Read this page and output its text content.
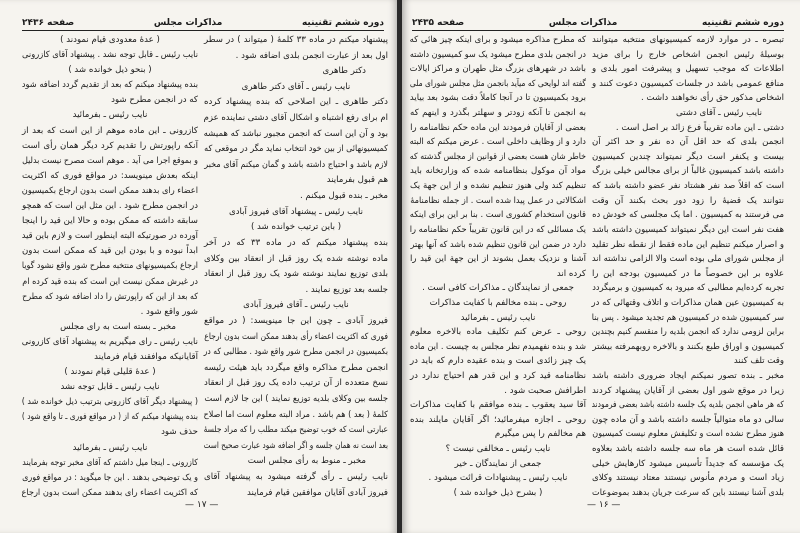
دوره ششم تقنینیه
مذاکرات مجلس
صفحه ۲۴۳۶
پیشنهاد میکنم در ماده ۳۳ کلمهٔ ( میتواند ) در سطر
اول بعد از عبارت انجمن بلدی اضافه شود .
دکتر طاهری
نایب رئیس ـ آقای دکتر طاهری
دکتر طاهری ـ این اصلاحی که بنده پیشنهاد کرده
ام برای رفع اشتباه و اشکال آقای دشتی نماینده عزم
بود و آن این است که انجمن مجبور نباشد که همیشه
کمیسیونهائی از بین خود انتخاب نماید مگر در موقعی که
لازم باشد و احتیاج داشته باشد و گمان میکنم آقای مخبر
هم قبول بفرمایند
مخبر ـ بنده قبول میکنم .
نایب رئیس ـ پیشنهاد آقای فیروز آبادی
( باین ترتیب خوانده شد )
بنده پیشنهاد میکنم که در ماده ۳۳ که در آخر
ماده نوشته شده یک روز قبل از انعقاد بین وکلای
بلدی توزیع نمایند نوشته شود یک روز قبل از انعقاد
جلسه بعد توزیع نمایند .
نایب رئیس ـ آقای فیروز آبادی
فیروز آبادی ـ چون این جا مینویسد: ( در مواقع
فوری که اکثریت اعضاء رأی بدهند ممکن است بدون ارجاع
بکمیسیون در انجمن مطرح شور واقع شود . مطالبی که در
انجمن مطرح مذاکره واقع میگردد باید هیئت رئیسه
نسخ متعدده از آن ترتیب داده یک روز قبل از انعقاد
جلسه بین وکلای بلدیه توزیع نمایند ) این جا لازم است
کلمهٔ ( بعد ) هم باشد . مراد البته معلوم است اما اصلاح
عبارتی است که خوب توضیح میکند مطلب را که مراد جلسهٔ
بعد است نه همان جلسه و اگر اضافه شود عبارت صحیح است
مخبر ـ منوط به رأی مجلس است
نایب رئیس ـ رأی گرفته میشود به پیشنهاد آقای
فیروز آبادی آقایان موافقین قیام فرمایند
( عدهٔ معدودی قیام نمودند )
نایب رئیس ـ قابل توجه نشد . پیشنهاد آقای کازرونی
( بنحو ذیل خوانده شد )
بنده پیشنهاد میکنم که بعد از تقدیم گردد اضافه شود
که در انجمن مطرح شود
نایب رئیس ـ بفرمائید
کازرونی ـ این ماده موهم از این است که بعد از
آنکه راپورتش را تقدیم کرد دیگر همان رأی است
و بموقع اجرا می آید . موهم است مصرح نیست بدلیل
اینکه بعدش مینویسد: در مواقع فوری که اکثریت
اعضاء رای بدهند ممکن است بدون ارجاع بکمیسیون
در انجمن مطرح شود . این مثل این است که همچو
سابقه داشته که ممکن بوده و حالا این قید را اینجا
آورده در صورتیکه البته اینطور است و لازم باین قید
ابداً نبوده و با بودن این قید که ممکن است بدون
ارجاع بکمیسیونهای منتخبه مطرح شور واقع نشود گویا
در غیرش ممکن نیست این است که بنده قید کرده ام
که بعد از این که راپورتش را داد اضافه شود که مطرح
شور واقع شود .
مخبر ـ بسته است به رای مجلس
نایب رئیس ـ رای میگیریم به پیشنهاد آقای کازرونی
آقایانیکه موافقند قیام فرمایند
( عدهٔ قلیلی قیام نمودند )
نایب رئیس ـ قابل توجه نشد
( پیشنهاد دیگر آقای کازرونی بترتیب ذیل خوانده شد )
بنده پیشنهاد میکنم که از ( در مواقع فوری ـ تا واقع شود )
حذف شود
نایب رئیس ـ بفرمائید
کازرونی ـ اینجا میل داشتم که آقای مخبر توجه بفرمایند
و یک توضیحی بدهند . این جا میگوید : در مواقع فوری
که اکثریت اعضاء رای بدهند ممکن است بدون ارجاع
— ۱۷ —
دوره ششم تقنینیه
مذاکرات مجلس
صفحه ۲۴۳۵
تبصره ـ در موارد لازمه کمیسیونهای منتخبه میتوانند
بوسیلهٔ رئیس انجمن اشخاص خارج را برای مزید
اطلاعات که موجب تسهیل و پیشرفت امور بلدی و
منافع عمومی باشد در جلسات کمیسیون دعوت کنند و
اشخاص مذکور حق رأی نخواهند داشت .
نایب رئیس ـ آقای دشتی
دشتی ـ این ماده تقریباً فرع زائد بر اصل است .
انجمن بلدی که حد اقل آن ده نفر و حد اکثر آن
بیست و یکنفر است دیگر نمیتواند چندین کمیسیون
داشته باشد کمیسیون غالباً از برای مجالس خیلی بزرگ
است که اقلاً صد نفر هشتاد نفر عضو داشته باشد که
نتوانند یک قضیهٔ را زود دور بحث بکنند آن وقت
می فرستند به کمیسیون . اما یک مجلسی که خودش ده
هفت نفر است این دیگر نمیتواند کمیسیون داشته باشد
و اصرار میکنم تنظیم این ماده فقط از نقطه نظر تقلید
از مجلس شورای ملی بوده است والا الزامی نداشته اند
علاوه بر این خصوصاً ما در کمیسیون بودجه این را
تجربه کرده‌ایم مطالبی که میرود به کمیسیون و برمیگردد
به کمیسیون عین همان مذاکرات و اتلاف وقتهائی که در
سر کمیسیون شده در کمیسیون هم تجدید میشود . پس بنا
براین لزومی ندارد که انجمن بلدیه را منقسم کنیم بچندین
کمیسیون و اوراق طبع بکنند و بالاخره روبهمرفته بیشتر
وقت تلف کنند
مخبر ـ بنده تصور نمیکنم ایجاد ضروری داشته باشد
زیرا در موقع شور اول بعضی از آقایان پیشنهاد کردند
که هر ماهی انجمن بلدیه یک جلسه داشته باشد بعضی فرمودند
سالی دو ماه متوالیاً جلسه داشته باشد و آن ماده چون
هنوز مطرح نشده است و تکلیفش معلوم نیست کمیسیون
قائل شده است هر ماه سه جلسه داشته باشد بعلاوه
یک مؤسسه که جدیداً تأسیس میشود کارهایش خیلی
زیاد است و مردم مأنوس نیستند معتاد نیستند وکلای
بلدی آشنا نیستند باین که سرعت جریان بدهند بموضوعات
که مطرح مذاکره میشود و برای اینکه چیز هائی که
در انجمن بلدی مطرح میشود یک سو کمیسیون داشته
باشد در شهرهای بزرگ مثل طهران و مراکز ایالات
گفته اند لوایحی که میآید بانجمن مثل مجلس شورای ملی
برود بکمیسیون تا در آنجا کاملاً دقت بشود بعد بیاید
به انجمن تا آنکه زودتر و سهلتر بگذرد و اینهم که
بعضی از آقایان فرمودند این ماده حکم نظامنامه را
دارد و از وظایف داخلی است . عرض میکنم که البته
خاطر شان هست بعضی از قوانین از مجلس گذشته که
مواد آن موکول بنظامنامه شده که وزارتخانه باید
تنظیم کند ولی هنوز تنظیم نشده و از این جهة یک
اشکالاتی در عمل پیدا شده است . از جمله نظامنامهٔ
قانون استخدام کشوری است . بنا بر این برای اینکه
یک مسائلی که در این قانون تقریباً حکم نظامنامه را
دارد در ضمن این قانون تنظیم شده باشد که آنها بهتر
آشنا و نزدیک بعمل بشوند از این جهة این قید را
کرده اند
جمعی از نمایندگان ـ مذاکرات کافی است .
روحی ـ بنده مخالفم با کفایت مذاکرات
نایب رئیس ـ بفرمائید
روحی ـ عرض کنم تکلیف ماده بالاخره معلوم
شد و بنده نفهمیدم نظر مجلس به چیست . این ماده
یک چیز زائدی است و بنده عقیده دارم که باید در
نظامنامه قید کرد و این قدر هم احتیاج ندارد در
اطرافش صحبت شود .
آقا سید یعقوب ـ بنده موافقم با کفایت مذاکرات
روحی ـ اجازه میفرمائید؛ اگر آقایان مایلند بنده
هم مخالفم را پس میگیرم
نایب رئیس ـ مخالفی نیست ؟
جمعی از نمایندگان ـ خیر
نایب رئیس ـ پیشنهادات قرائت میشود .
( بشرح ذیل خوانده شد )
— ۱۶ —
